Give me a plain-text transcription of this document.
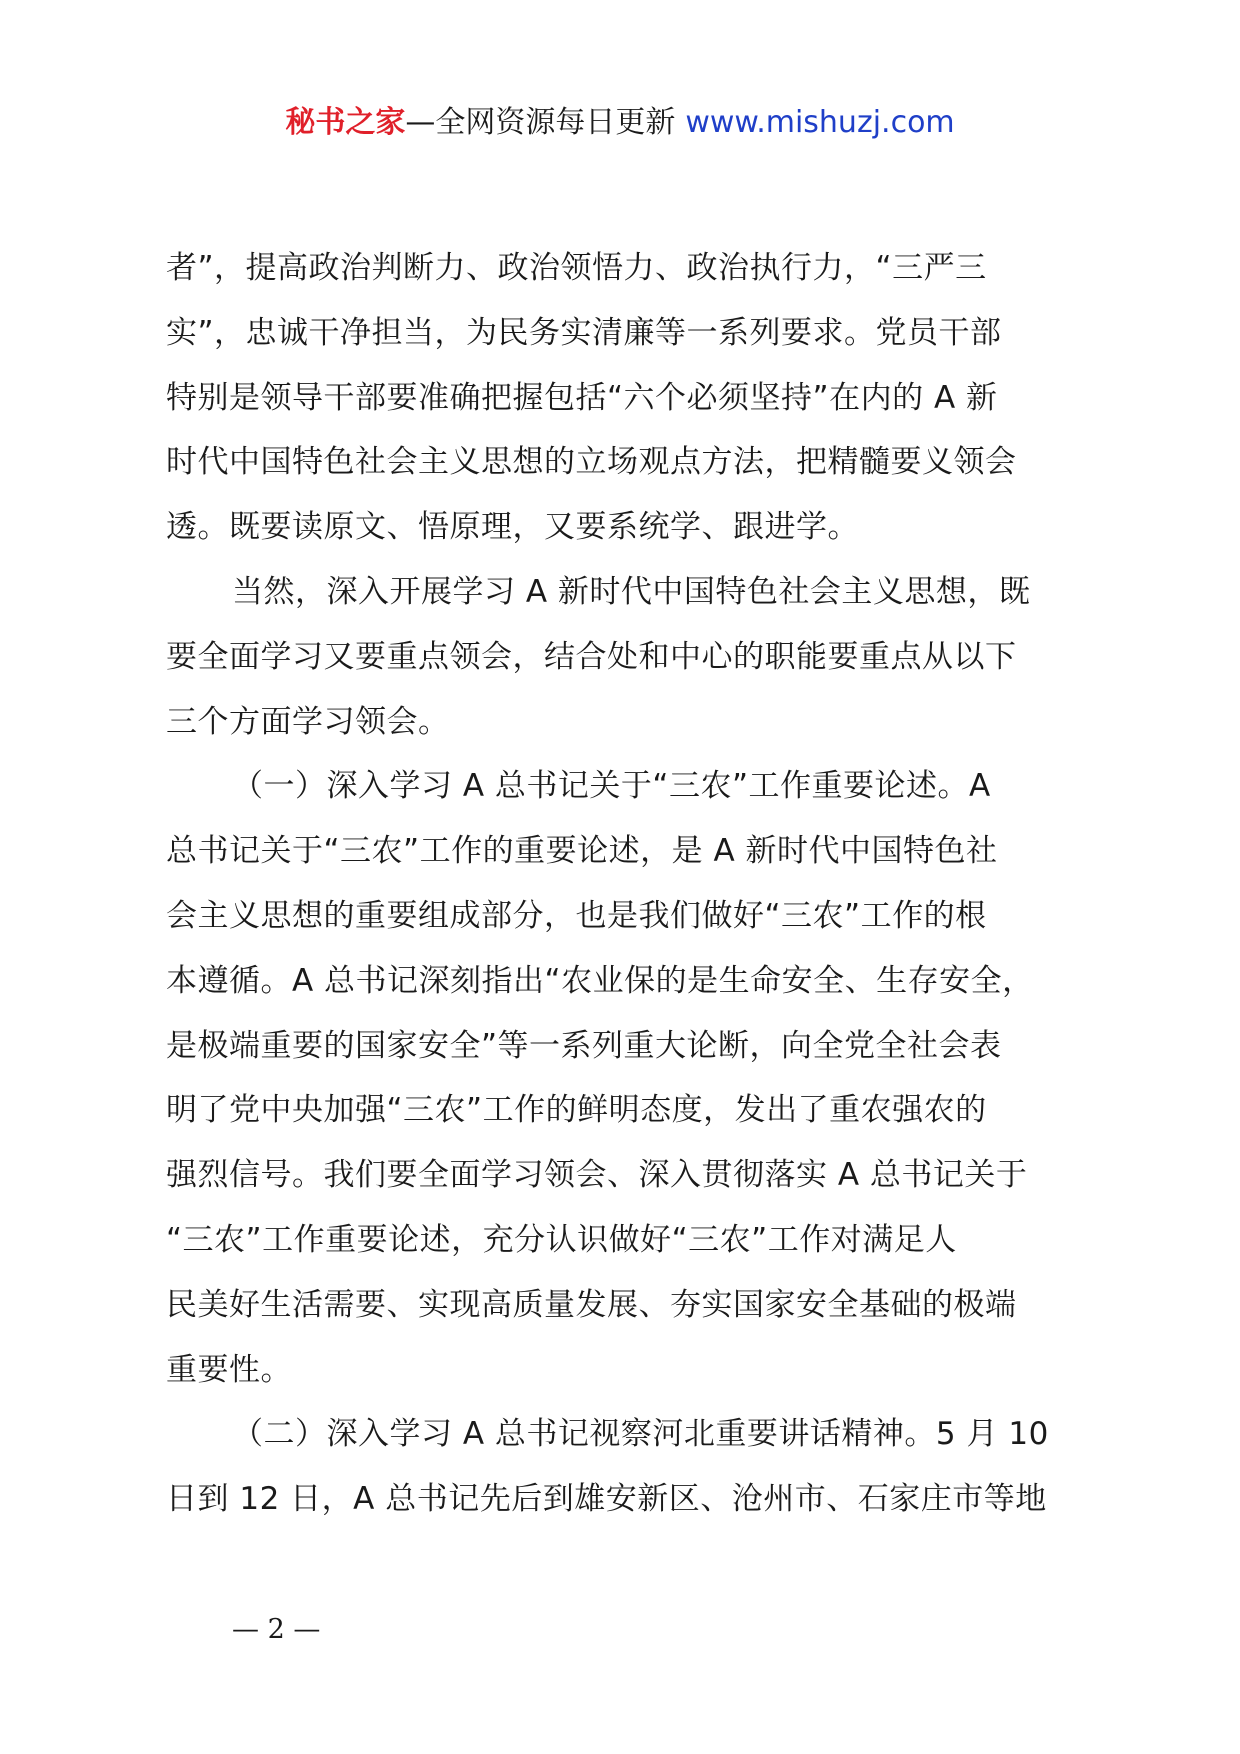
秘书之家—全网资源每日更新 www.mishuzj.com
者”，提高政治判断力、政治领悟力、政治执行力，“三严三
实”，忠诚干净担当，为民务实清廉等一系列要求。党员干部
特别是领导干部要准确把握包括“六个必须坚持”在内的 A 新
时代中国特色社会主义思想的立场观点方法，把精髓要义领会
透。既要读原文、悟原理，又要系统学、跟进学。
当然，深入开展学习 A 新时代中国特色社会主义思想，既
要全面学习又要重点领会，结合处和中心的职能要重点从以下
三个方面学习领会。
（一）深入学习 A 总书记关于“三农”工作重要论述。A
总书记关于“三农”工作的重要论述，是 A 新时代中国特色社
会主义思想的重要组成部分，也是我们做好“三农”工作的根
本遵循。A 总书记深刻指出“农业保的是生命安全、生存安全，
是极端重要的国家安全”等一系列重大论断，向全党全社会表
明了党中央加强“三农”工作的鲜明态度，发出了重农强农的
强烈信号。我们要全面学习领会、深入贯彻落实 A 总书记关于
“三农”工作重要论述，充分认识做好“三农”工作对满足人
民美好生活需要、实现高质量发展、夯实国家安全基础的极端
重要性。
（二）深入学习 A 总书记视察河北重要讲话精神。5 月 10
日到 12 日，A 总书记先后到雄安新区、沧州市、石家庄市等地
— 2 —
